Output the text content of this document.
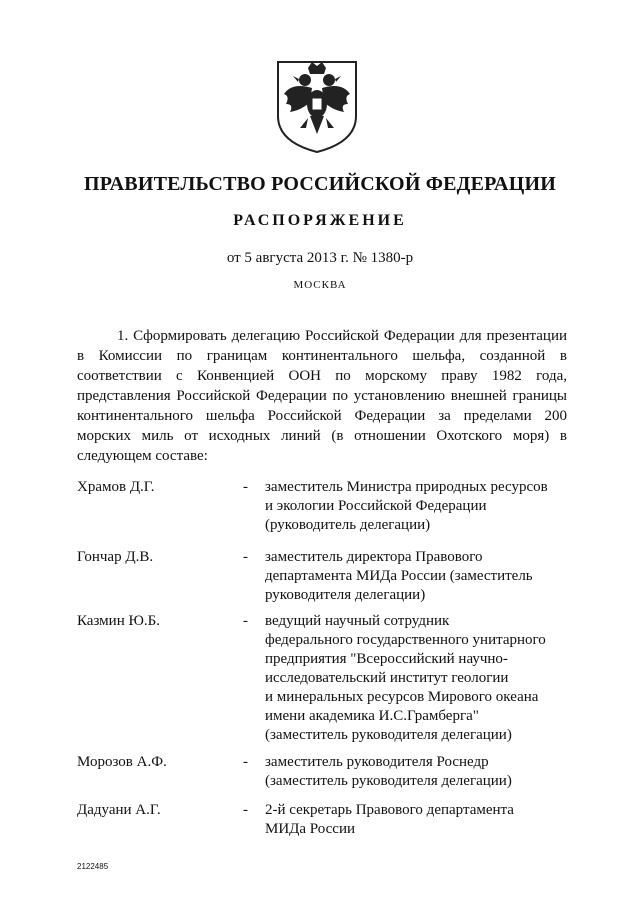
ПРАВИТЕЛЬСТВО РОССИЙСКОЙ ФЕДЕРАЦИИ
РАСПОРЯЖЕНИЕ

от 5 августа 2013 г. № 1380-р

МОСКВА

1. Сформировать делегацию Российской Федерации для презентации в Комиссии по границам континентального шельфа, созданной в соответствии с Конвенцией ООН по морскому праву 1982 года, представления Российской Федерации по установлению внешней границы континентального шельфа Российской Федерации за пределами 200 морских миль от исходных линий (в отношении Охотского моря) в следующем составе:

Храмов Д.Г.	-	заместитель Министра природных ресурсов
и экологии Российской Федерации
(руководитель делегации)
Гончар Д.В.	-	заместитель директора Правового
департамента МИДа России (заместитель
руководителя делегации)
Казмин Ю.Б.	-	ведущий научный сотрудник
федерального государственного унитарного
предприятия "Всероссийский научно-
исследовательский институт геологии
и минеральных ресурсов Мирового океана
имени академика И.С.Грамберга"
(заместитель руководителя делегации)
Морозов А.Ф.	-	заместитель руководителя Роснедр
(заместитель руководителя делегации)
Дадуани А.Г.	-	2-й секретарь Правового департамента
МИДа России
2122485
